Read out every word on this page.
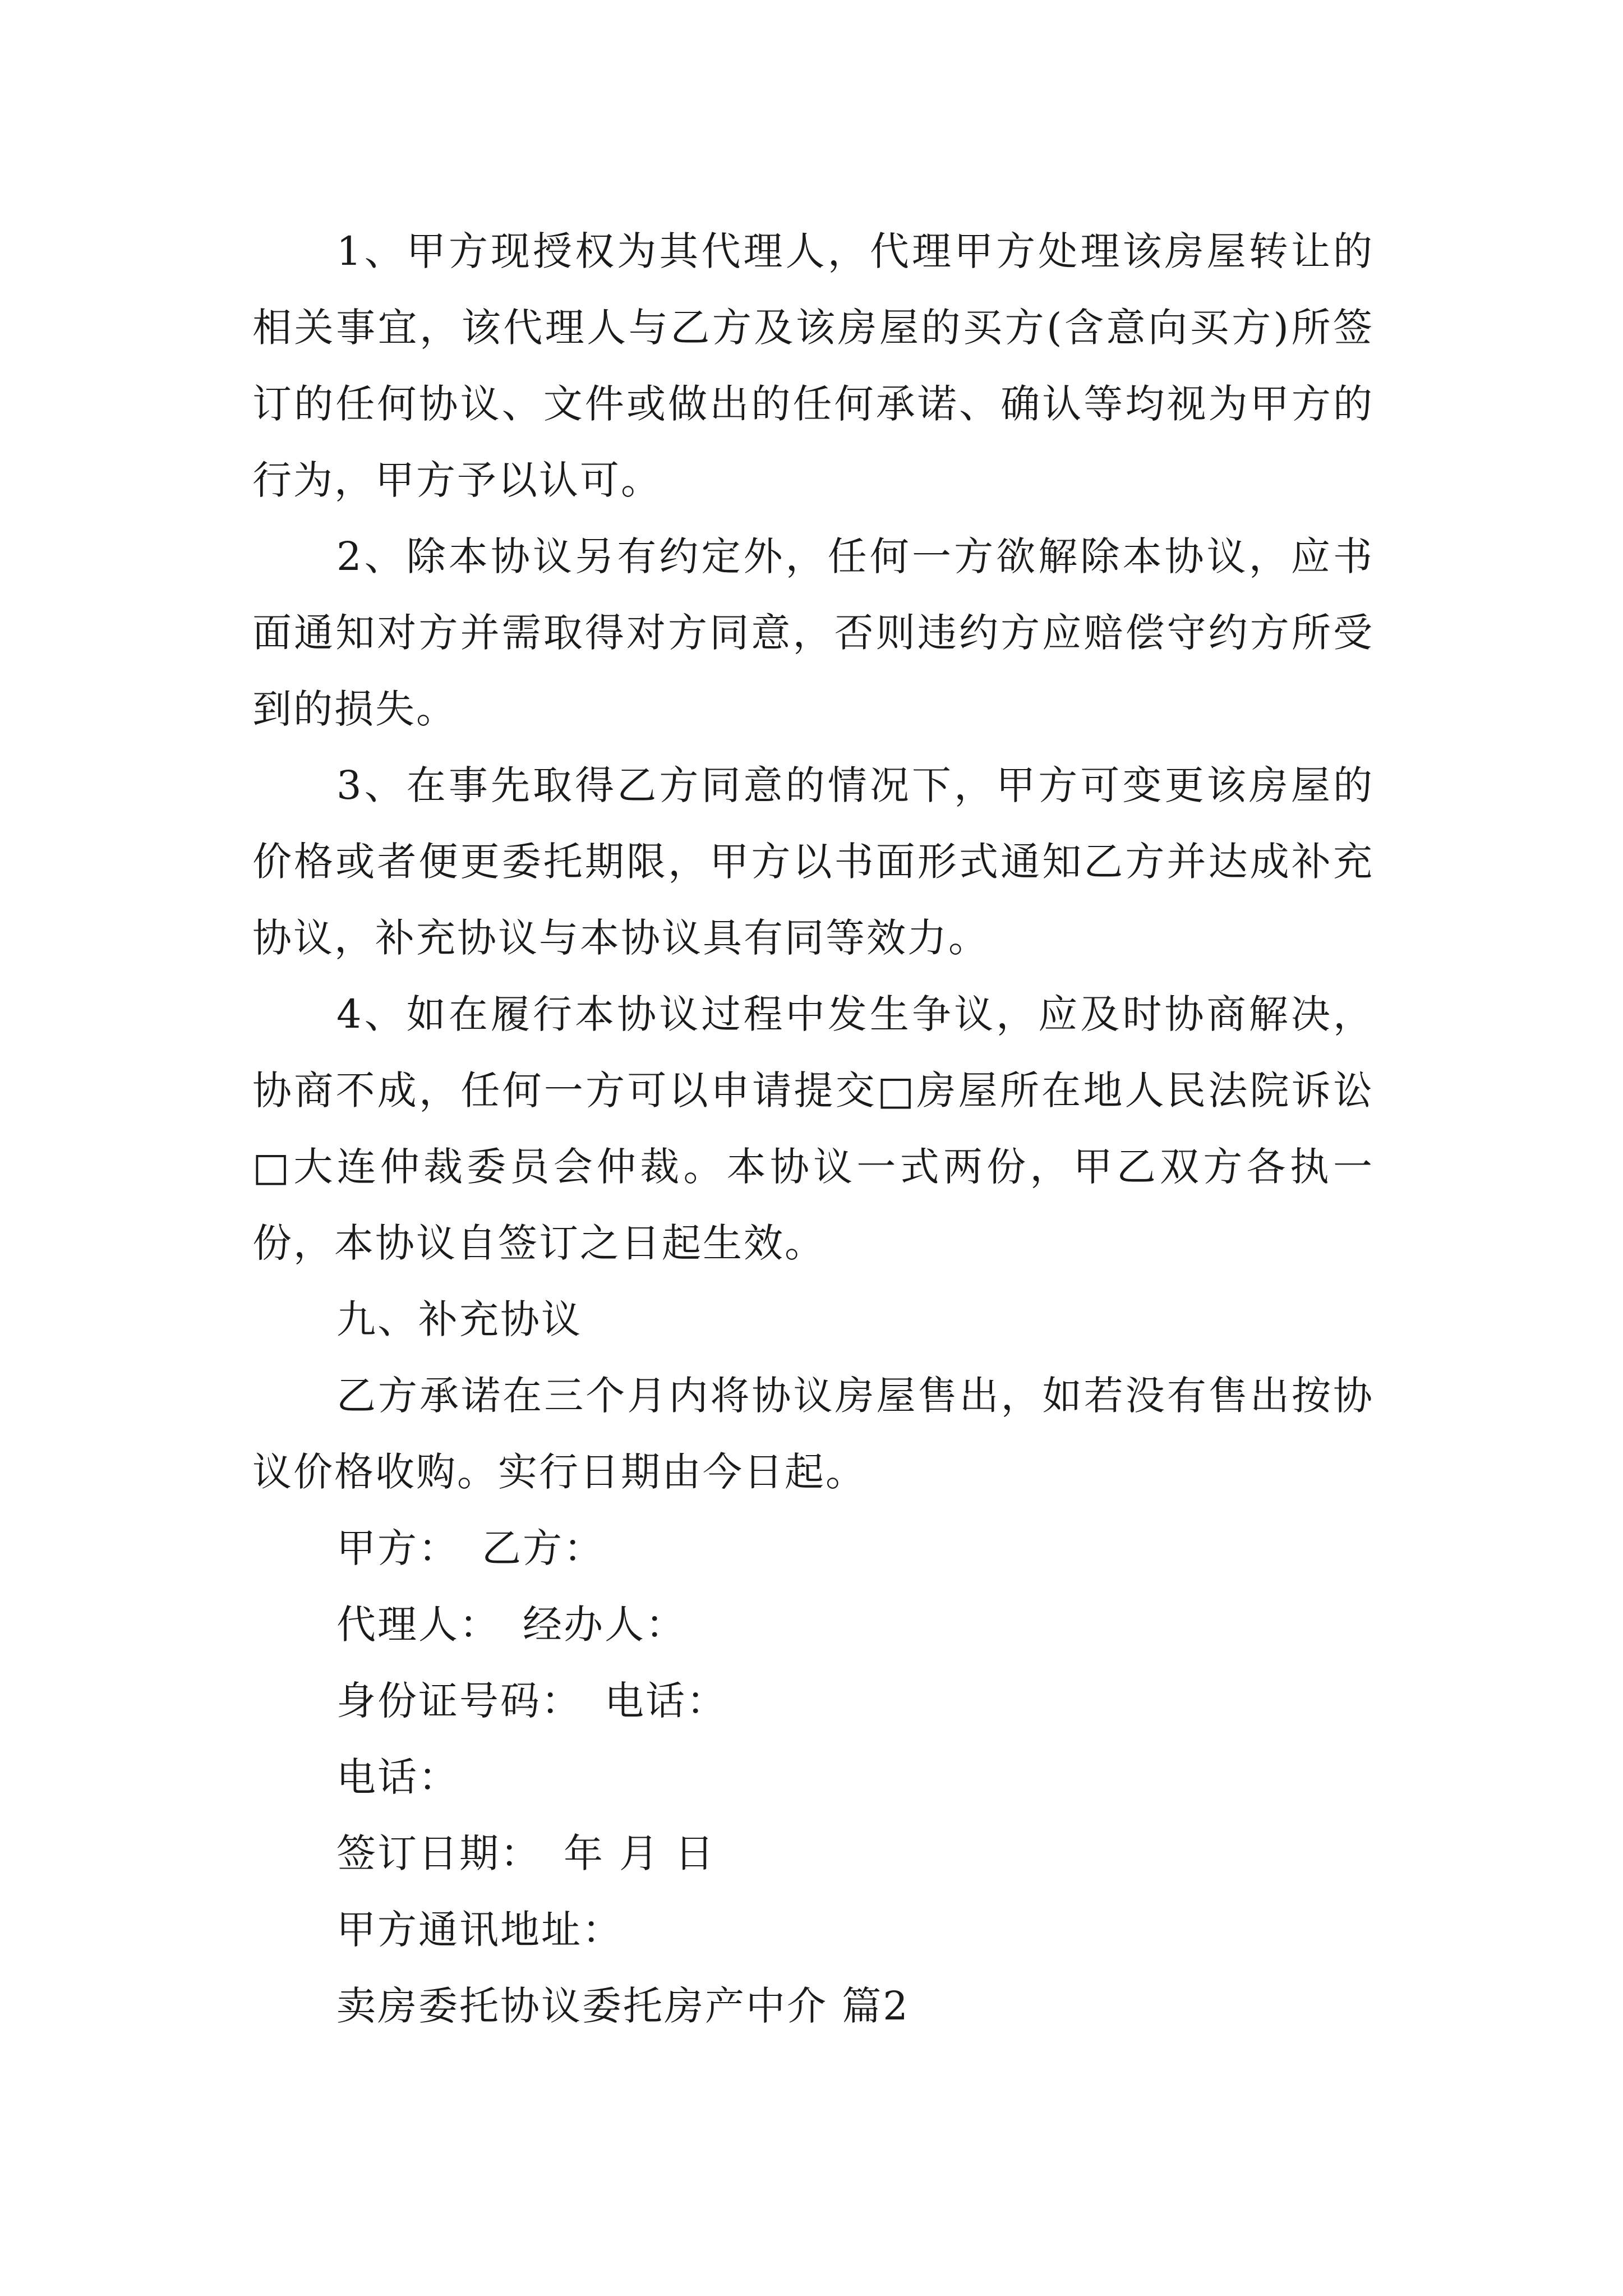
1、甲方现授权为其代理人，代理甲方处理该房屋转让的相关事宜，该代理人与乙方及该房屋的买方(含意向买方)所签订的任何协议、文件或做出的任何承诺、确认等均视为甲方的行为，甲方予以认可。

2、除本协议另有约定外，任何一方欲解除本协议，应书面通知对方并需取得对方同意，否则违约方应赔偿守约方所受到的损失。

3、在事先取得乙方同意的情况下，甲方可变更该房屋的价格或者便更委托期限，甲方以书面形式通知乙方并达成补充协议，补充协议与本协议具有同等效力。

4、如在履行本协议过程中发生争议，应及时协商解决，协商不成，任何一方可以申请提交□房屋所在地人民法院诉讼□大连仲裁委员会仲裁。本协议一式两份，甲乙双方各执一份，本协议自签订之日起生效。

九、补充协议

乙方承诺在三个月内将协议房屋售出，如若没有售出按协议价格收购。实行日期由今日起。

甲方： 乙方：

代理人： 经办人：

身份证号码： 电话：

电话：

签订日期： 年 月 日

甲方通讯地址：

卖房委托协议委托房产中介 篇2
